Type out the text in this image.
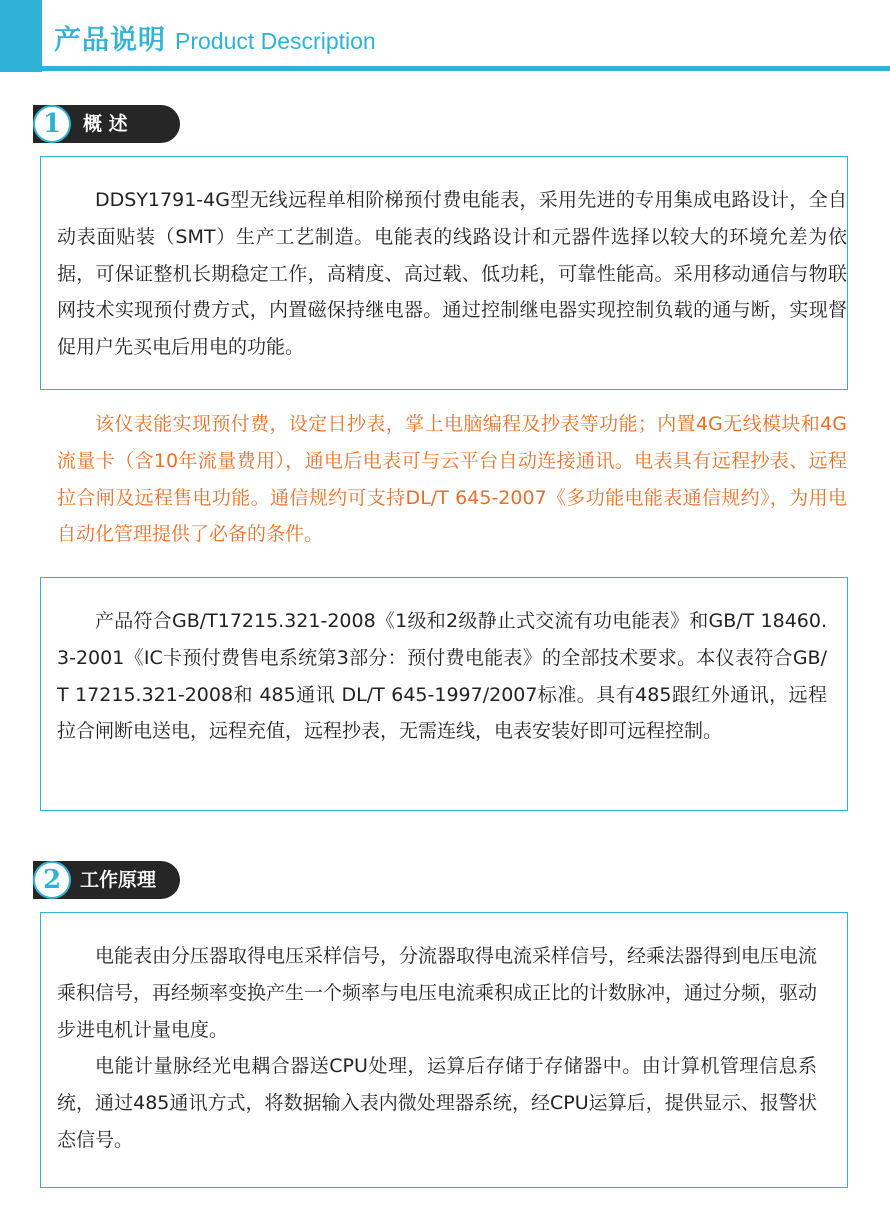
产品说明 Product Description
1	概 述

DDSY1791-4G型无线远程单相阶梯预付费电能表，采用先进的专用集成电路设计，全自动表面贴装（SMT）生产工艺制造。电能表的线路设计和元器件选择以较大的环境允差为依据，可保证整机长期稳定工作，高精度、高过载、低功耗，可靠性能高。采用移动通信与物联网技术实现预付费方式，内置磁保持继电器。通过控制继电器实现控制负载的通与断，实现督促用户先买电后用电的功能。

该仪表能实现预付费，设定日抄表，掌上电脑编程及抄表等功能；内置4G无线模块和4G流量卡（含10年流量费用），通电后电表可与云平台自动连接通讯。电表具有远程抄表、远程拉合闸及远程售电功能。通信规约可支持DL/T 645-2007《多功能电能表通信规约》，为用电自动化管理提供了必备的条件。

产品符合GB/T17215.321-2008《1级和2级静止式交流有功电能表》和GB/T 18460.3-2001《IC卡预付费售电系统第3部分：预付费电能表》的全部技术要求。本仪表符合GB/T 17215.321-2008和 485通讯 DL/T 645-1997/2007标准。具有485跟红外通讯，远程拉合闸断电送电，远程充值，远程抄表，无需连线，电表安装好即可远程控制。

2 工作原理

电能表由分压器取得电压采样信号，分流器取得电流采样信号，经乘法器得到电压电流乘积信号，再经频率变换产生一个频率与电压电流乘积成正比的计数脉冲，通过分频，驱动步进电机计量电度。

电能计量脉经光电耦合器送CPU处理，运算后存储于存储器中。由计算机管理信息系统，通过485通讯方式，将数据输入表内微处理器系统，经CPU运算后，提供显示、报警状态信号。
